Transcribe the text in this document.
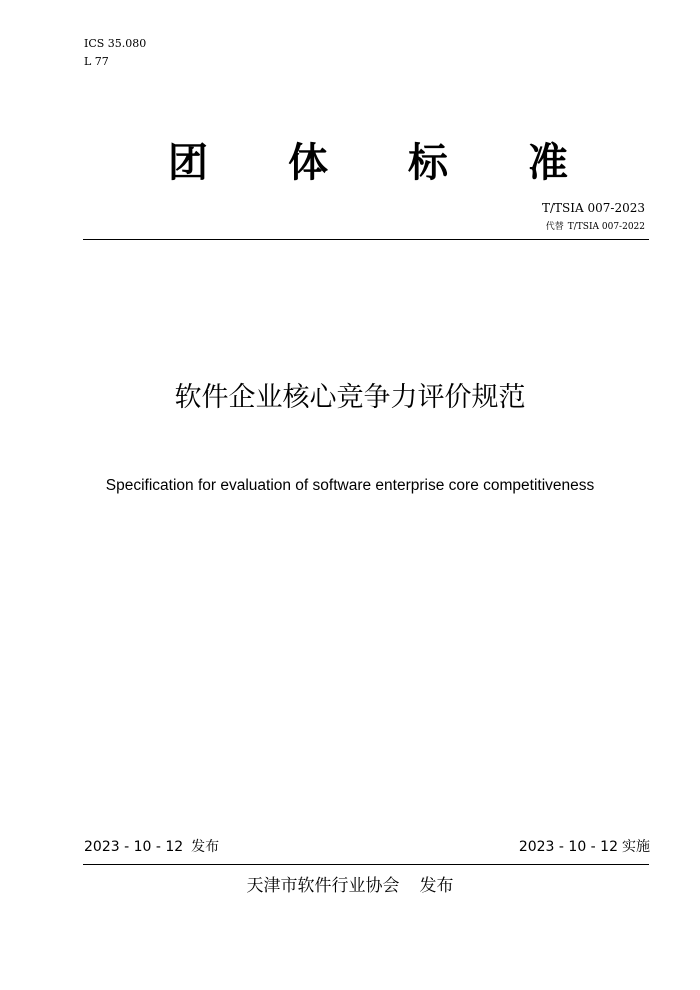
ICS 35.080
L 77
团 体 标 准
T/TSIA 007-2023
代替 T/TSIA 007-2022
软件企业核心竞争力评价规范
Specification for evaluation of software enterprise core competitiveness
2023 - 10 - 12 发布	2023 - 10 - 12 实施
天津市软件行业协会 发布
